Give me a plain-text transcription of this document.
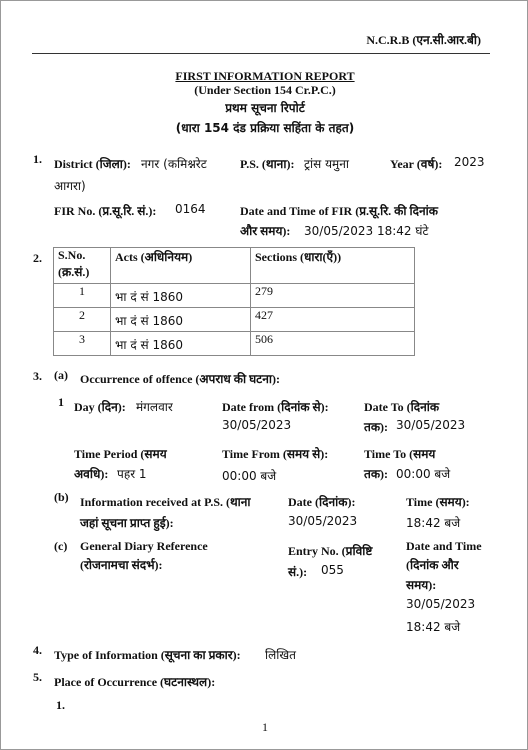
N.C.R.B (एन.सी.आर.बी)
FIRST INFORMATION REPORT
(Under Section 154 Cr.P.C.)
प्रथम सूचना रिपोर्ट
(धारा 154 दंड प्रक्रिया सहिंता के तहत)
1. District (जिला): नगर (कमिश्नरेट
आगरा)
P.S. (थाना): ट्रांस यमुना	Year (वर्ष): 2023
FIR No. (प्र.सू.रि. सं.): 0164	Date and Time of FIR (प्र.सू.रि. की दिनांक
और समय): 30/05/2023 18:42 घंटे
2. S.No.
(क्र.सं.)	Acts (अधिनियम)	Sections (धारा(एँ))
1	भा दं सं 1860	279
2	भा दं सं 1860	427
3	भा दं सं 1860	506
3. (a) Occurrence of offence (अपराध की घटना):
1 Day (दिन): मंगलवार	Date from (दिनांक से):
30/05/2023
Date To (दिनांक
तक): 30/05/2023
Time Period (समय
अवधि): पहर 1
Time From (समय से):
00:00 बजे
Time To (समय
तक): 00:00 बजे
(b) Information received at P.S. (थाना
जहां सूचना प्राप्त हुई):
Date (दिनांक):
30/05/2023
Time (समय):
18:42 बजे
(c) General Diary Reference
(रोजनामचा संदर्भ):
Entry No. (प्रविष्टि
सं.): 055
Date and Time
(दिनांक और
समय):
30/05/2023
18:42 बजे
4. Type of Information (सूचना का प्रकार): लिखित
5. Place of Occurrence (घटनास्थल):
1.
1
